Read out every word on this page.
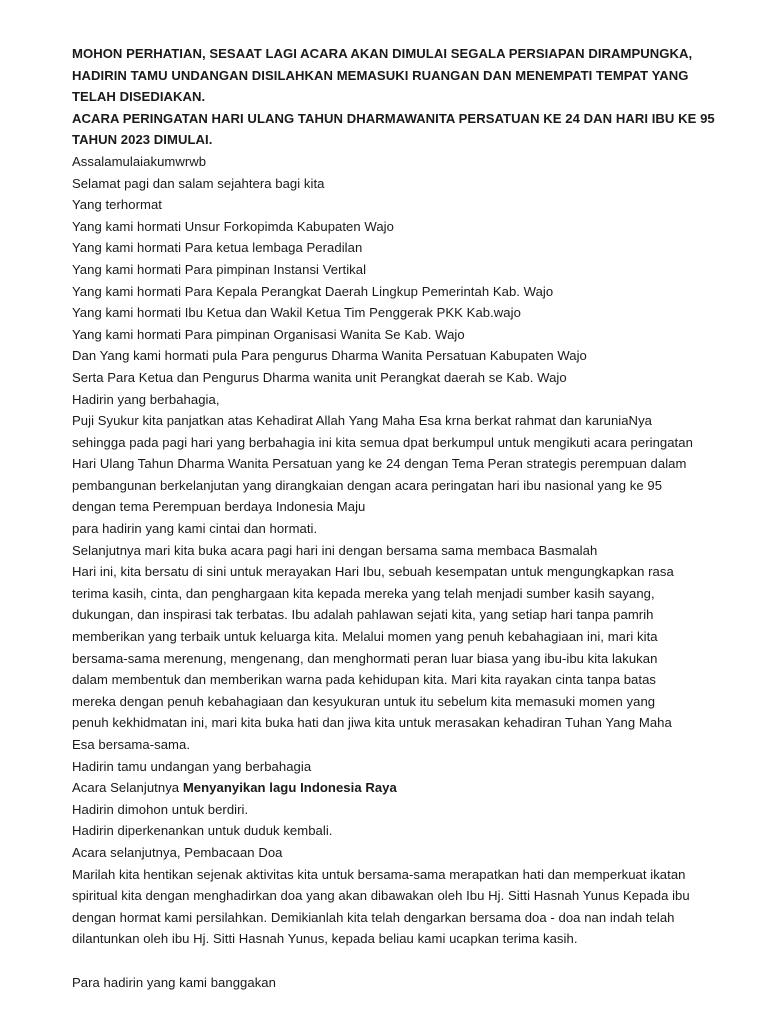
MOHON PERHATIAN, SESAAT LAGI ACARA AKAN DIMULAI SEGALA PERSIAPAN DIRAMPUNGKA,
HADIRIN TAMU UNDANGAN DISILAHKAN MEMASUKI RUANGAN DAN MENEMPATI TEMPAT YANG
TELAH DISEDIAKAN.
ACARA PERINGATAN HARI ULANG TAHUN DHARMAWANITA PERSATUAN KE 24 DAN HARI IBU KE 95
TAHUN 2023 DIMULAI.
Assalamulaiakumwrwb
Selamat pagi dan salam sejahtera bagi kita
Yang terhormat
Yang kami hormati Unsur Forkopimda Kabupaten Wajo
Yang kami hormati Para ketua lembaga Peradilan
Yang kami hormati Para pimpinan Instansi Vertikal
Yang kami hormati Para Kepala Perangkat Daerah Lingkup Pemerintah Kab. Wajo
Yang kami hormati Ibu Ketua dan Wakil Ketua Tim Penggerak PKK Kab.wajo
Yang kami hormati Para pimpinan Organisasi Wanita Se Kab. Wajo
Dan Yang kami hormati pula Para pengurus Dharma Wanita Persatuan Kabupaten Wajo
Serta Para Ketua dan Pengurus Dharma wanita unit Perangkat daerah se Kab. Wajo
Hadirin yang berbahagia,
Puji Syukur kita panjatkan atas Kehadirat Allah Yang Maha Esa krna berkat rahmat dan karuniaNya
sehingga pada pagi hari yang berbahagia ini kita semua dpat berkumpul untuk mengikuti acara peringatan
Hari Ulang Tahun Dharma Wanita Persatuan yang ke 24 dengan Tema Peran strategis perempuan dalam
pembangunan berkelanjutan yang dirangkaian dengan acara peringatan hari ibu nasional yang ke 95
dengan tema Perempuan berdaya Indonesia Maju
para hadirin yang kami cintai dan hormati.
Selanjutnya mari kita buka acara pagi hari ini dengan bersama sama membaca Basmalah
Hari ini, kita bersatu di sini untuk merayakan Hari Ibu, sebuah kesempatan untuk mengungkapkan rasa
terima kasih, cinta, dan penghargaan kita kepada mereka yang telah menjadi sumber kasih sayang,
dukungan, dan inspirasi tak terbatas. Ibu adalah pahlawan sejati kita, yang setiap hari tanpa pamrih
memberikan yang terbaik untuk keluarga kita. Melalui momen yang penuh kebahagiaan ini, mari kita
bersama-sama merenung, mengenang, dan menghormati peran luar biasa yang ibu-ibu kita lakukan
dalam membentuk dan memberikan warna pada kehidupan kita. Mari kita rayakan cinta tanpa batas
mereka dengan penuh kebahagiaan dan kesyukuran untuk itu sebelum kita memasuki momen yang
penuh kekhidmatan ini, mari kita buka hati dan jiwa kita untuk merasakan kehadiran Tuhan Yang Maha
Esa bersama-sama.
Hadirin tamu undangan yang berbahagia
Acara Selanjutnya Menyanyikan lagu Indonesia Raya
Hadirin dimohon untuk berdiri.
Hadirin diperkenankan untuk duduk kembali.
Acara selanjutnya, Pembacaan Doa
Marilah kita hentikan sejenak aktivitas kita untuk bersama-sama merapatkan hati dan memperkuat ikatan
spiritual kita dengan menghadirkan doa yang akan dibawakan oleh Ibu Hj. Sitti Hasnah Yunus Kepada ibu
dengan hormat kami persilahkan. Demikianlah kita telah dengarkan bersama doa - doa nan indah telah
dilantunkan oleh ibu Hj. Sitti Hasnah Yunus, kepada beliau kami ucapkan terima kasih.
Para hadirin yang kami banggakan
